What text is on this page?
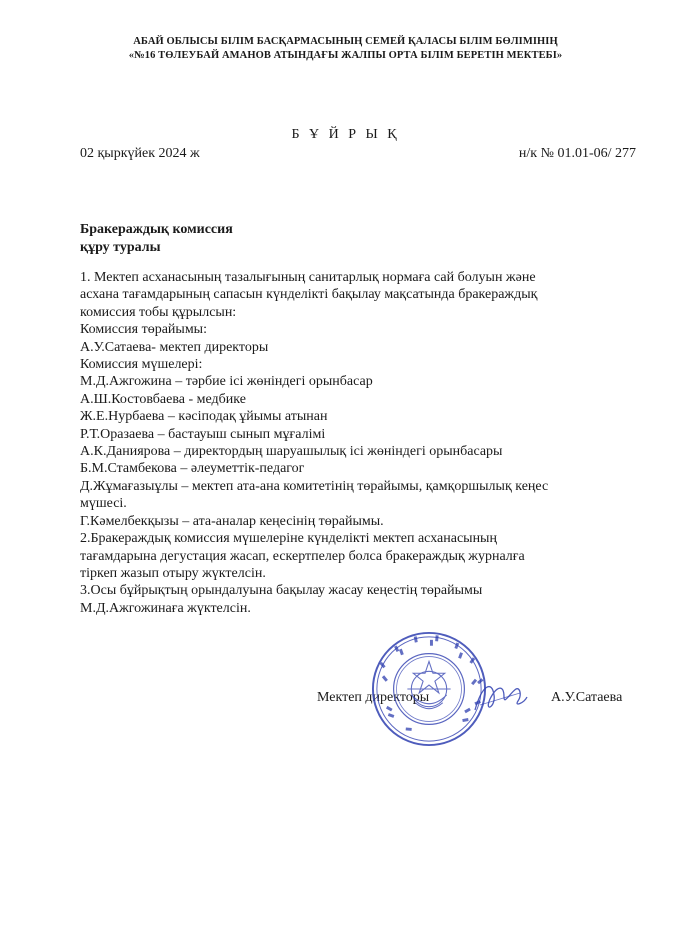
АБАЙ ОБЛЫСЫ БІЛІМ БАСҚАРМАСЫНЫҢ СЕМЕЙ ҚАЛАСЫ БІЛІМ БӨЛІМІНІҢ
«№16 ТӨЛЕУБАЙ АМАНОВ АТЫНДАҒЫ ЖАЛПЫ ОРТА БІЛІМ БЕРЕТІН МЕКТЕБІ»
Б Ұ Й Р Ы Қ
02 қыркүйек 2024 ж	н/к № 01.01-06/ 277
Бракераждық комиссия
құру туралы
1. Мектеп асханасының тазалығының санитарлық нормаға сай болуын және
асхана тағамдарының сапасын күнделікті бақылау мақсатында бракераждық
комиссия тобы құрылсын:
Комиссия төрайымы:
А.У.Сатаева- мектеп директоры
Комиссия мүшелері:
М.Д.Ажгожина – тәрбие ісі жөніндегі орынбасар
А.Ш.Костовбаева - медбике
Ж.Е.Нурбаева – кәсіподақ ұйымы атынан
Р.Т.Оразаева – бастауыш сынып мұғалімі
А.К.Даниярова – директордың шаруашылық ісі жөніндегі орынбасары
Б.М.Стамбекова – әлеуметтік-педагог
Д.Жұмағазыұлы – мектеп ата-ана комитетінің төрайымы, қамқоршылық кеңес
мүшесі.
Г.Кәмелбекқызы – ата-аналар кеңесінің төрайымы.
2.Бракераждық комиссия мүшелеріне күнделікті мектеп асханасының
тағамдарына дегустация жасап, ескертпелер болса бракераждық журналға
тіркеп жазып отыру жүктелсін.
3.Осы бұйрықтың орындалуына бақылау жасау кеңестің төрайымы
М.Д.Ажгожинаға жүктелсін.
Мектеп директоры	А.У.Сатаева
